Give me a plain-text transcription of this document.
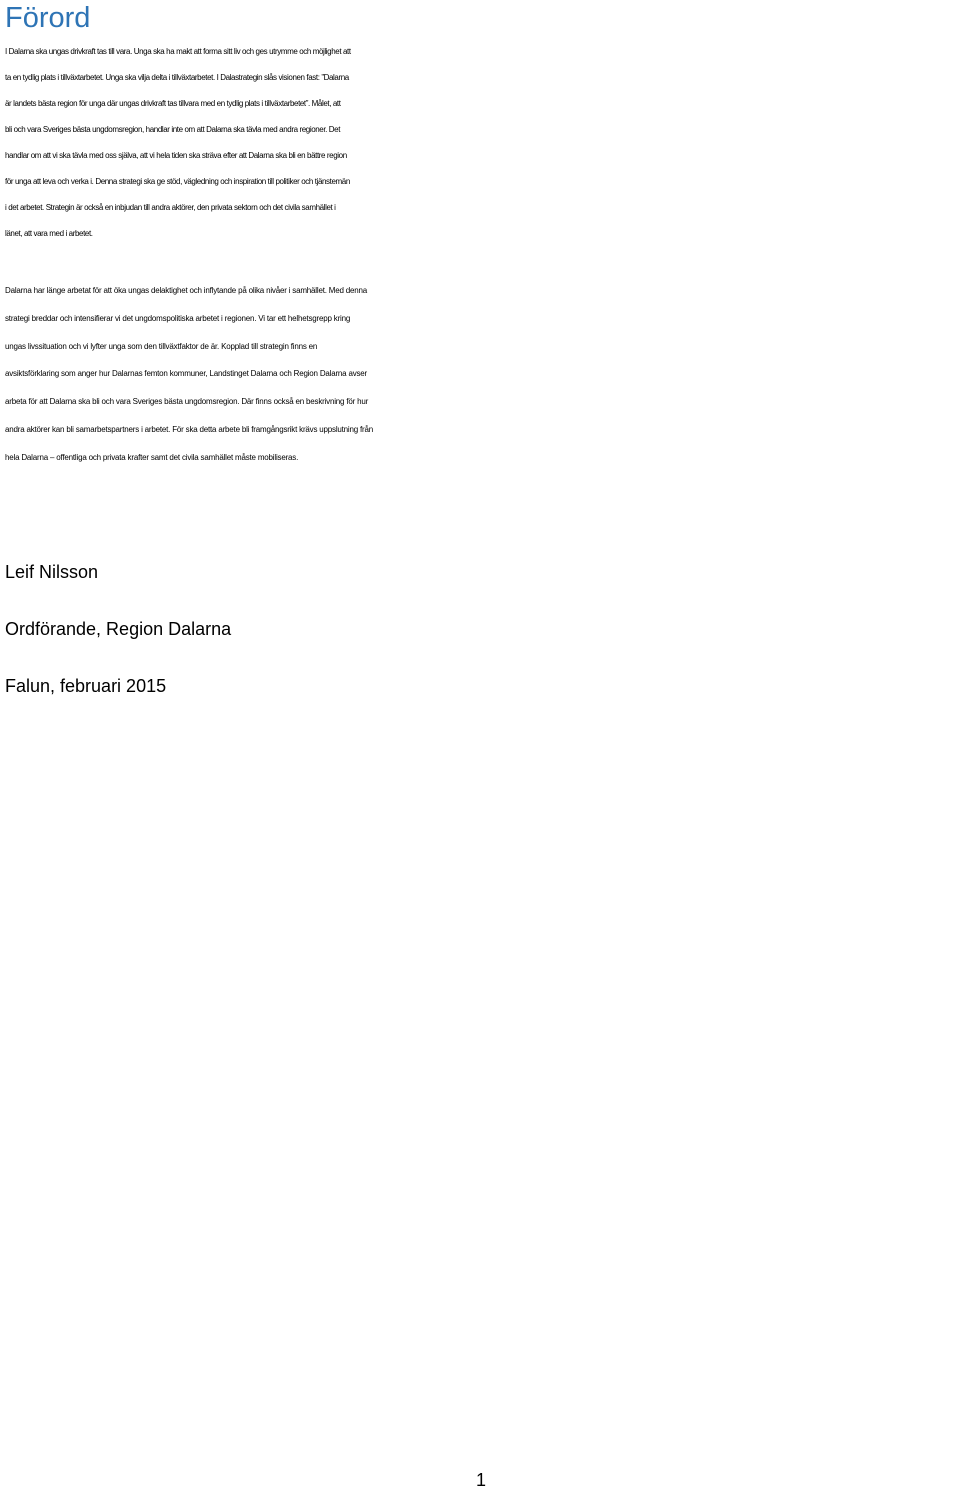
Förord
I Dalarna ska ungas drivkraft tas till vara. Unga ska ha makt att forma sitt liv och ges utrymme och möjlighet att
ta en tydlig plats i tillväxtarbetet. Unga ska vilja delta i tillväxtarbetet. I Dalastrategin slås visionen fast: ”Dalarna
är landets bästa region för unga där ungas drivkraft tas tillvara med en tydlig plats i tillväxtarbetet”. Målet, att
bli och vara Sveriges bästa ungdomsregion, handlar inte om att Dalarna ska tävla med andra regioner. Det
handlar om att vi ska tävla med oss själva, att vi hela tiden ska sträva efter att Dalarna ska bli en bättre region
för unga att leva och verka i. Denna strategi ska ge stöd, vägledning och inspiration till politiker och tjänstemän
i det arbetet. Strategin är också en inbjudan till andra aktörer, den privata sektorn och det civila samhället i
länet, att vara med i arbetet.
Dalarna har länge arbetat för att öka ungas delaktighet och inflytande på olika nivåer i samhället. Med denna
strategi breddar och intensifierar vi det ungdomspolitiska arbetet i regionen. Vi tar ett helhetsgrepp kring
ungas livssituation och vi lyfter unga som den tillväxtfaktor de är. Kopplad till strategin finns en
avsiktsförklaring som anger hur Dalarnas femton kommuner, Landstinget Dalarna och Region Dalarna avser
arbeta för att Dalarna ska bli och vara Sveriges bästa ungdomsregion. Där finns också en beskrivning för hur
andra aktörer kan bli samarbetspartners i arbetet. För ska detta arbete bli framgångsrikt krävs uppslutning från
hela Dalarna – offentliga och privata krafter samt det civila samhället måste mobiliseras.

Leif Nilsson

Ordförande, Region Dalarna

Falun, februari 2015

1
